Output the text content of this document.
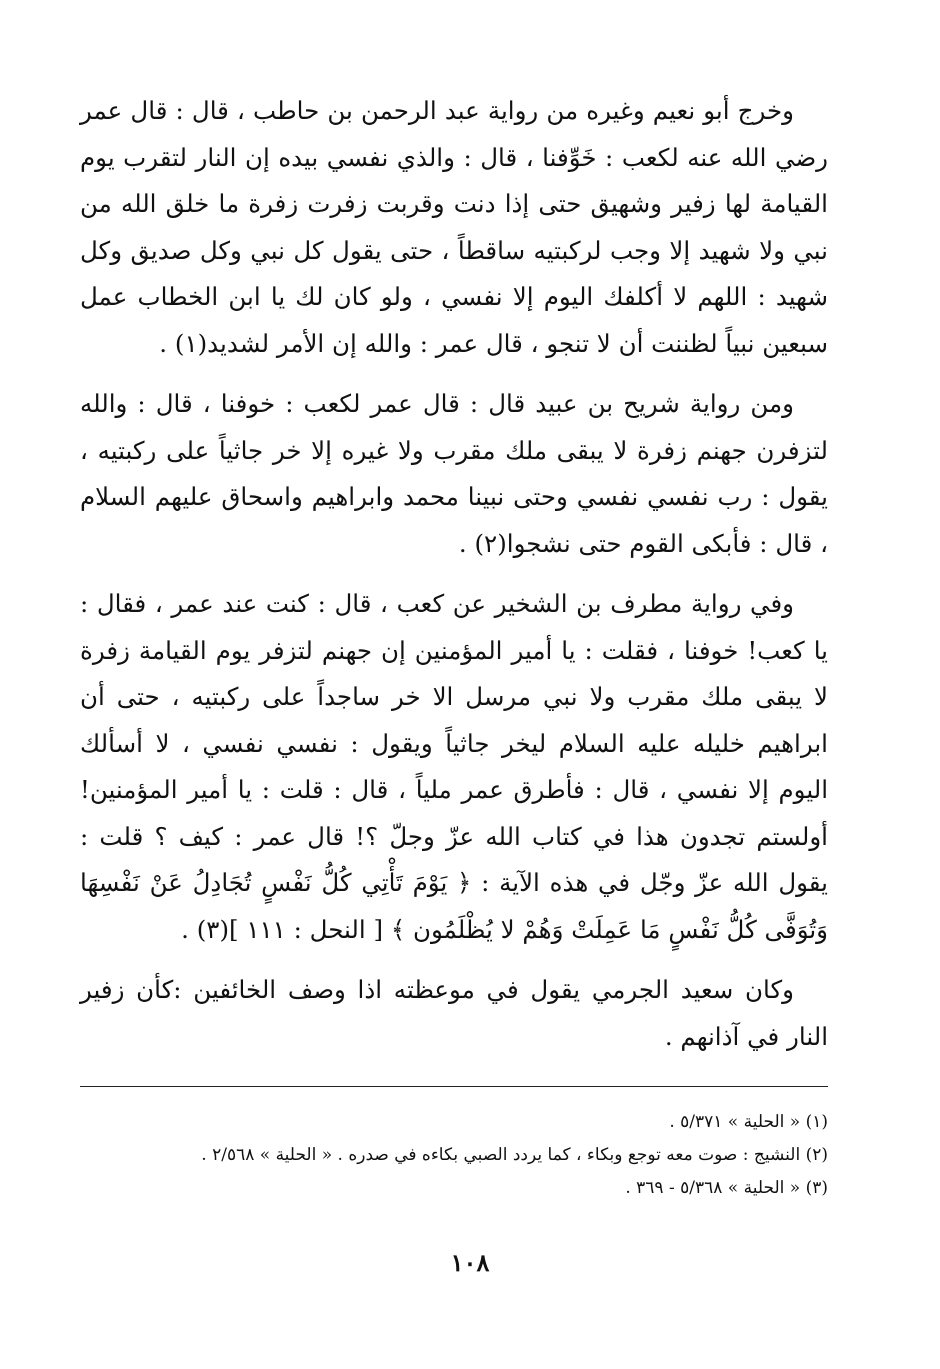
وخرج أبو نعيم وغيره من رواية عبد الرحمن بن حاطب ، قال : قال عمر رضي الله عنه لكعب : خَوِّفنا ، قال : والذي نفسي بيده إن النار لتقرب يوم القيامة لها زفير وشهيق حتى إذا دنت وقربت زفرت زفرة ما خلق الله من نبي ولا شهيد إلا وجب لركبتيه ساقطاً ، حتى يقول كل نبي وكل صديق وكل شهيد : اللهم لا أكلفك اليوم إلا نفسي ، ولو كان لك يا ابن الخطاب عمل سبعين نبياً لظننت أن لا تنجو ، قال عمر : والله إن الأمر لشديد(١) .

ومن رواية شريح بن عبيد قال : قال عمر لكعب : خوفنا ، قال : والله لتزفرن جهنم زفرة لا يبقى ملك مقرب ولا غيره إلا خر جاثياً على ركبتيه ، يقول : رب نفسي نفسي وحتى نبينا محمد وابراهيم واسحاق عليهم السلام ، قال : فأبكى القوم حتى نشجوا(٢) .

وفي رواية مطرف بن الشخير عن كعب ، قال : كنت عند عمر ، فقال : يا كعب! خوفنا ، فقلت : يا أمير المؤمنين إن جهنم لتزفر يوم القيامة زفرة لا يبقى ملك مقرب ولا نبي مرسل الا خر ساجداً على ركبتيه ، حتى أن ابراهيم خليله عليه السلام ليخر جاثياً ويقول : نفسي نفسي ، لا أسألك اليوم إلا نفسي ، قال : فأطرق عمر ملياً ، قال : قلت : يا أمير المؤمنين! أولستم تجدون هذا في كتاب الله عزّ وجلّ ؟! قال عمر : كيف ؟ قلت : يقول الله عزّ وجّل في هذه الآية : ﴿ يَوْمَ تَأْتِي كُلُّ نَفْسٍ تُجَادِلُ عَنْ نَفْسِهَا وَتُوَفَّى كُلُّ نَفْسٍ مَا عَمِلَتْ وَهُمْ لا يُظْلَمُون ﴾ [ النحل : ١١١ ](٣) .

وكان سعيد الجرمي يقول في موعظته اذا وصف الخائفين :كأن زفير النار في آذانهم .

(١) « الحلية » ٥/٣٧١ .
(٢) النشيج : صوت معه توجع وبكاء ، كما يردد الصبي بكاءه في صدره . « الحلية » ٢/٥٦٨ .
(٣) « الحلية » ٥/٣٦٨ - ٣٦٩ .
١٠٨
